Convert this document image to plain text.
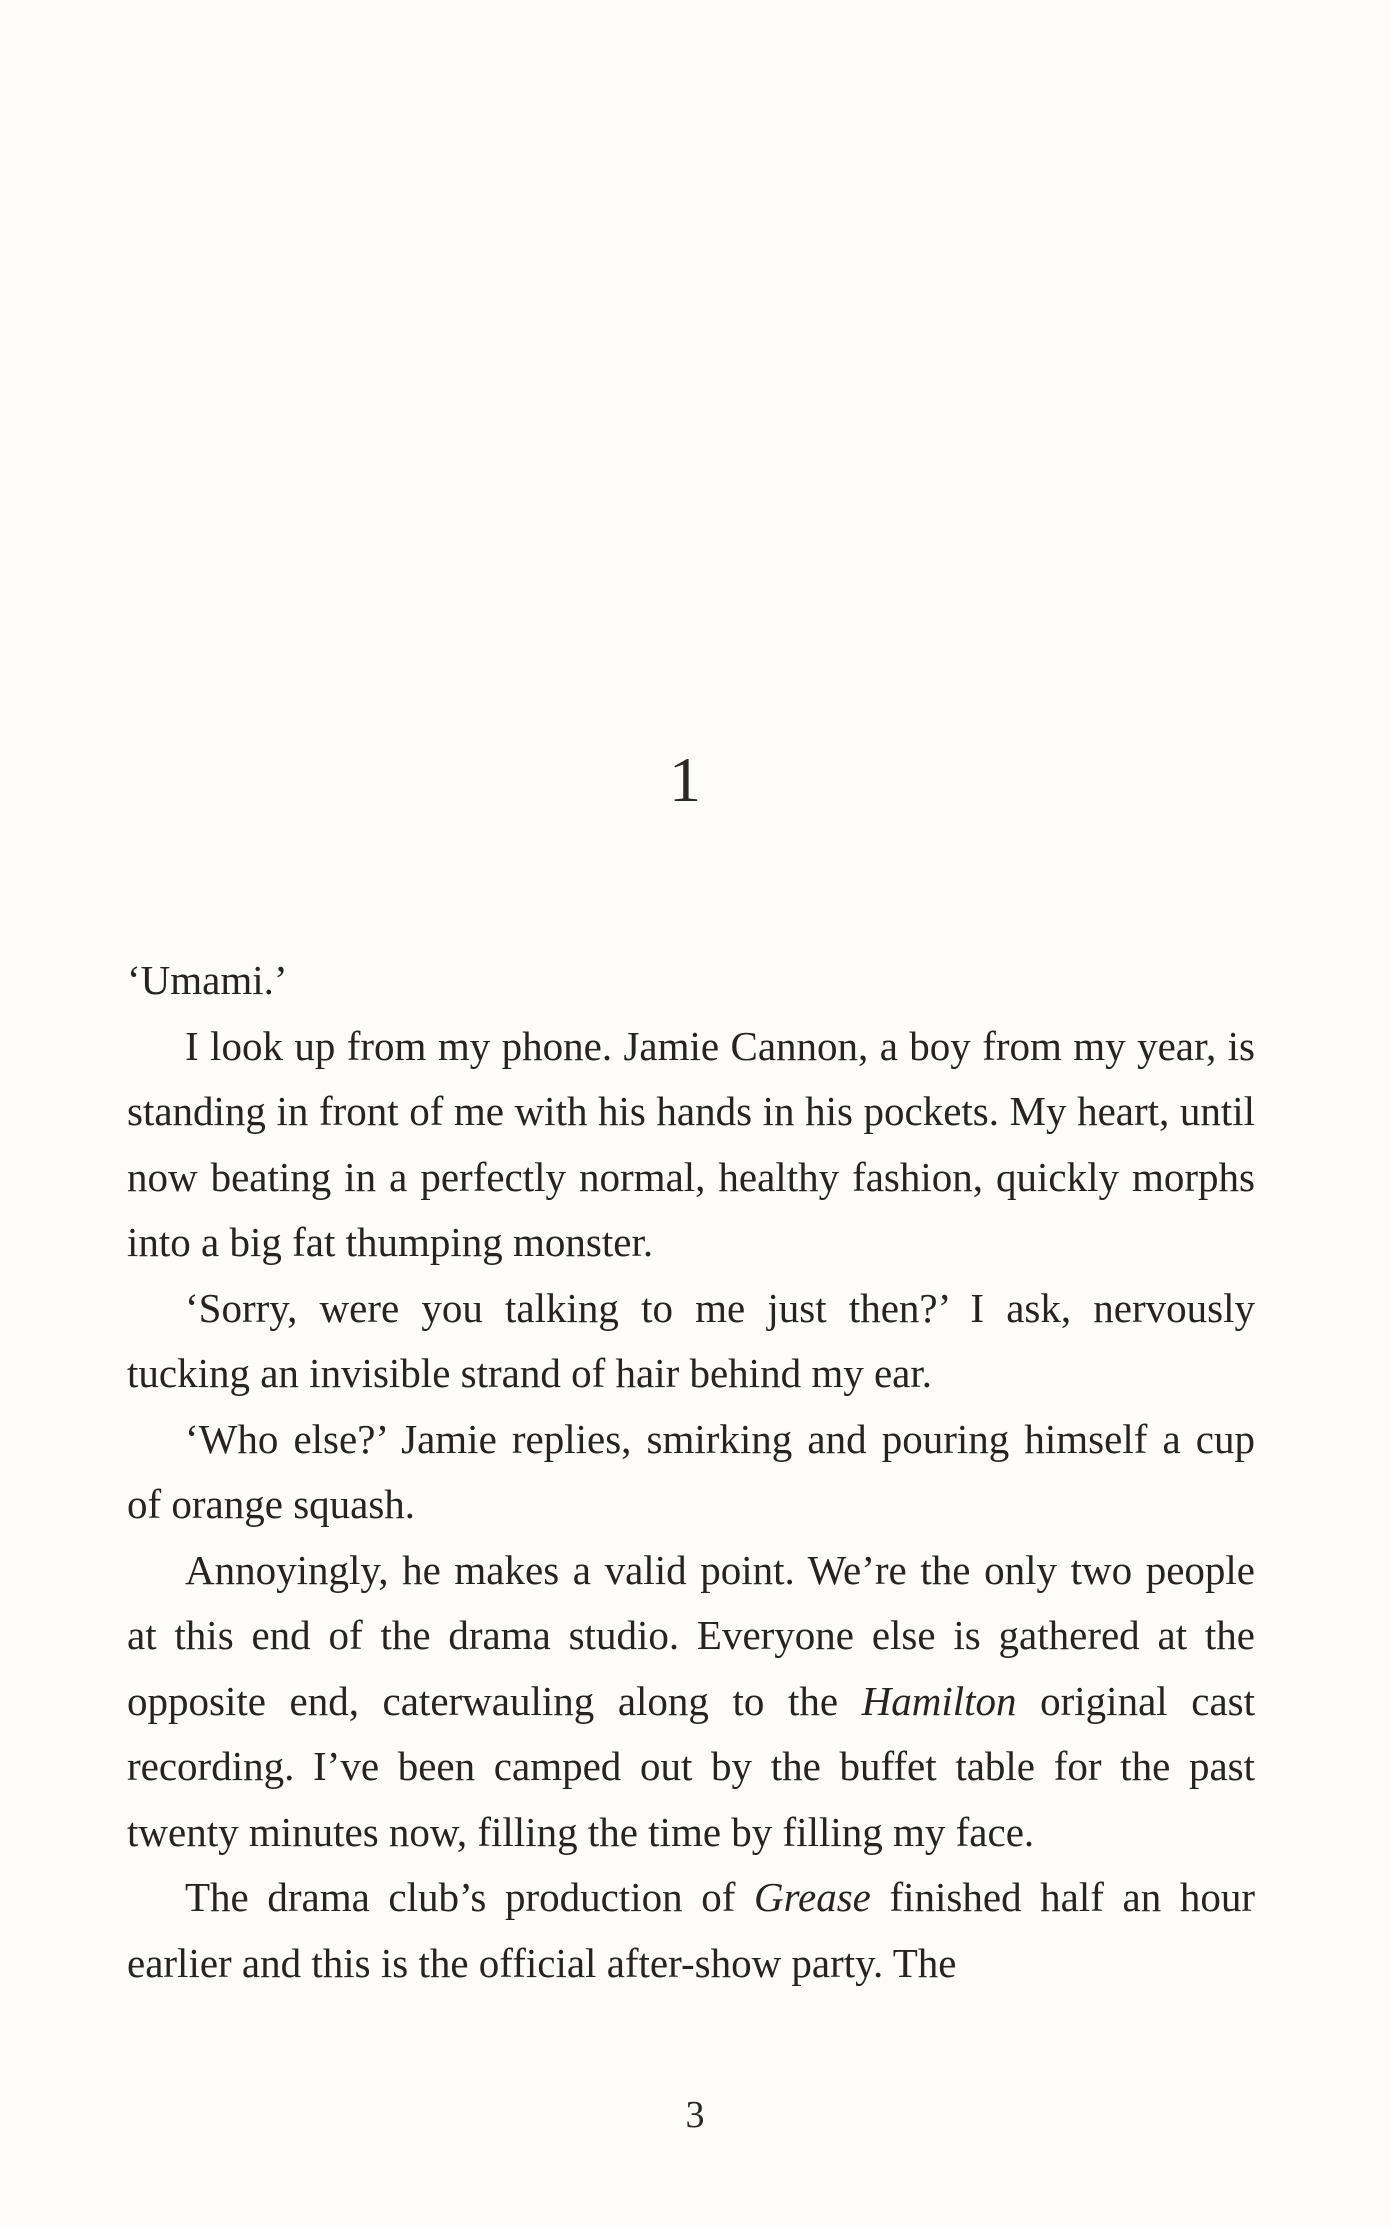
1

‘Umami.’

I look up from my phone. Jamie Cannon, a boy from my year, is standing in front of me with his hands in his pockets. My heart, until now beating in a perfectly normal, healthy fashion, quickly morphs into a big fat thumping monster.

‘Sorry, were you talking to me just then?’ I ask, nervously tucking an invisible strand of hair behind my ear.

‘Who else?’ Jamie replies, smirking and pouring himself a cup of orange squash.

Annoyingly, he makes a valid point. We’re the only two people at this end of the drama studio. Everyone else is gathered at the opposite end, caterwauling along to the Hamilton original cast recording. I’ve been camped out by the buffet table for the past twenty minutes now, filling the time by filling my face.

The drama club’s production of Grease finished half an hour earlier and this is the official after-show party. The

3
